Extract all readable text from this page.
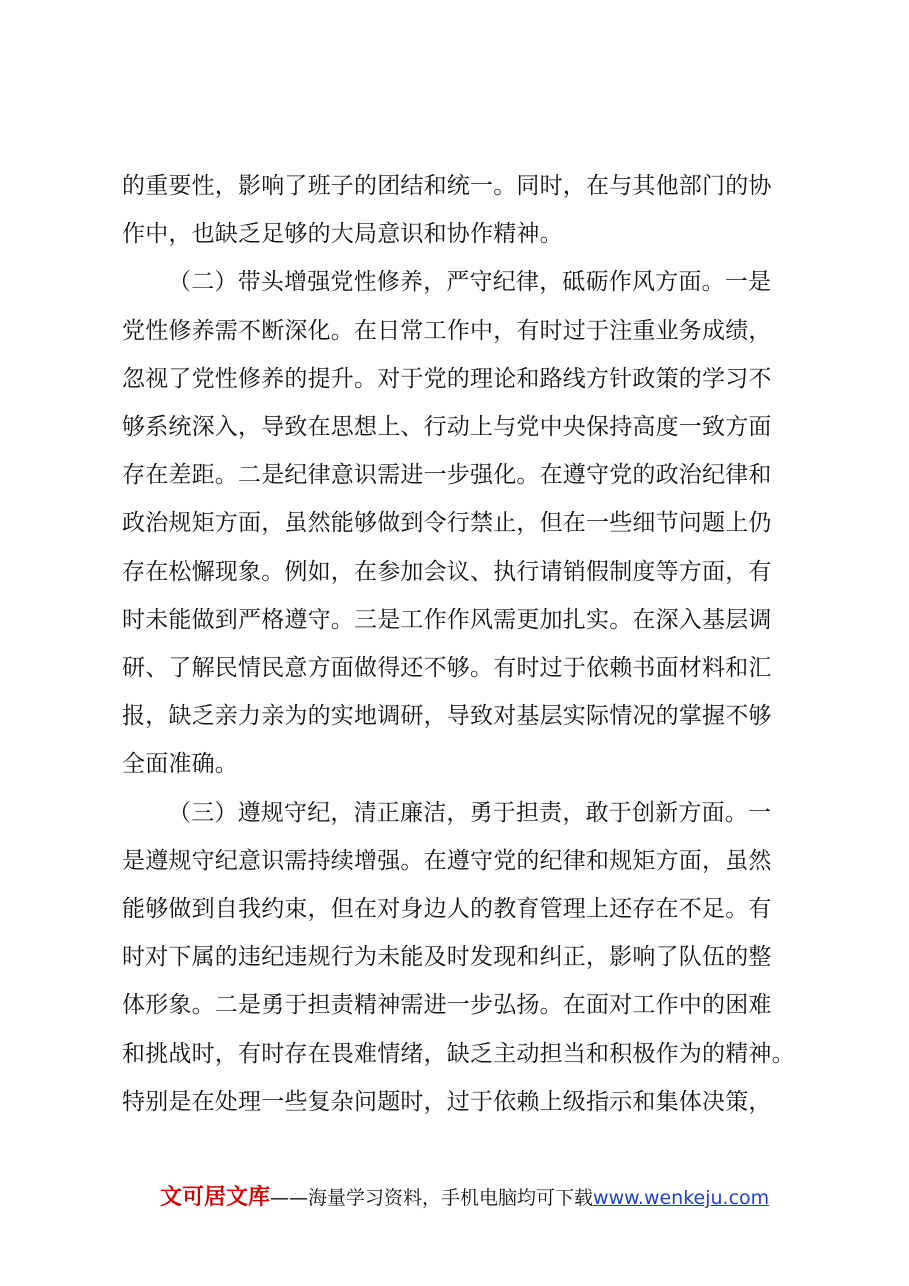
的重要性，影响了班子的团结和统一。同时，在与其他部门的协
作中，也缺乏足够的大局意识和协作精神。

（二）带头增强党性修养，严守纪律，砥砺作风方面。一是
党性修养需不断深化。在日常工作中，有时过于注重业务成绩，
忽视了党性修养的提升。对于党的理论和路线方针政策的学习不
够系统深入，导致在思想上、行动上与党中央保持高度一致方面
存在差距。二是纪律意识需进一步强化。在遵守党的政治纪律和
政治规矩方面，虽然能够做到令行禁止，但在一些细节问题上仍
存在松懈现象。例如，在参加会议、执行请销假制度等方面，有
时未能做到严格遵守。三是工作作风需更加扎实。在深入基层调
研、了解民情民意方面做得还不够。有时过于依赖书面材料和汇
报，缺乏亲力亲为的实地调研，导致对基层实际情况的掌握不够
全面准确。

（三）遵规守纪，清正廉洁，勇于担责，敢于创新方面。一
是遵规守纪意识需持续增强。在遵守党的纪律和规矩方面，虽然
能够做到自我约束，但在对身边人的教育管理上还存在不足。有
时对下属的违纪违规行为未能及时发现和纠正，影响了队伍的整
体形象。二是勇于担责精神需进一步弘扬。在面对工作中的困难
和挑战时，有时存在畏难情绪，缺乏主动担当和积极作为的精神。
特别是在处理一些复杂问题时，过于依赖上级指示和集体决策，

文可居文库——海量学习资料，手机电脑均可下载www.wenkeju.com
